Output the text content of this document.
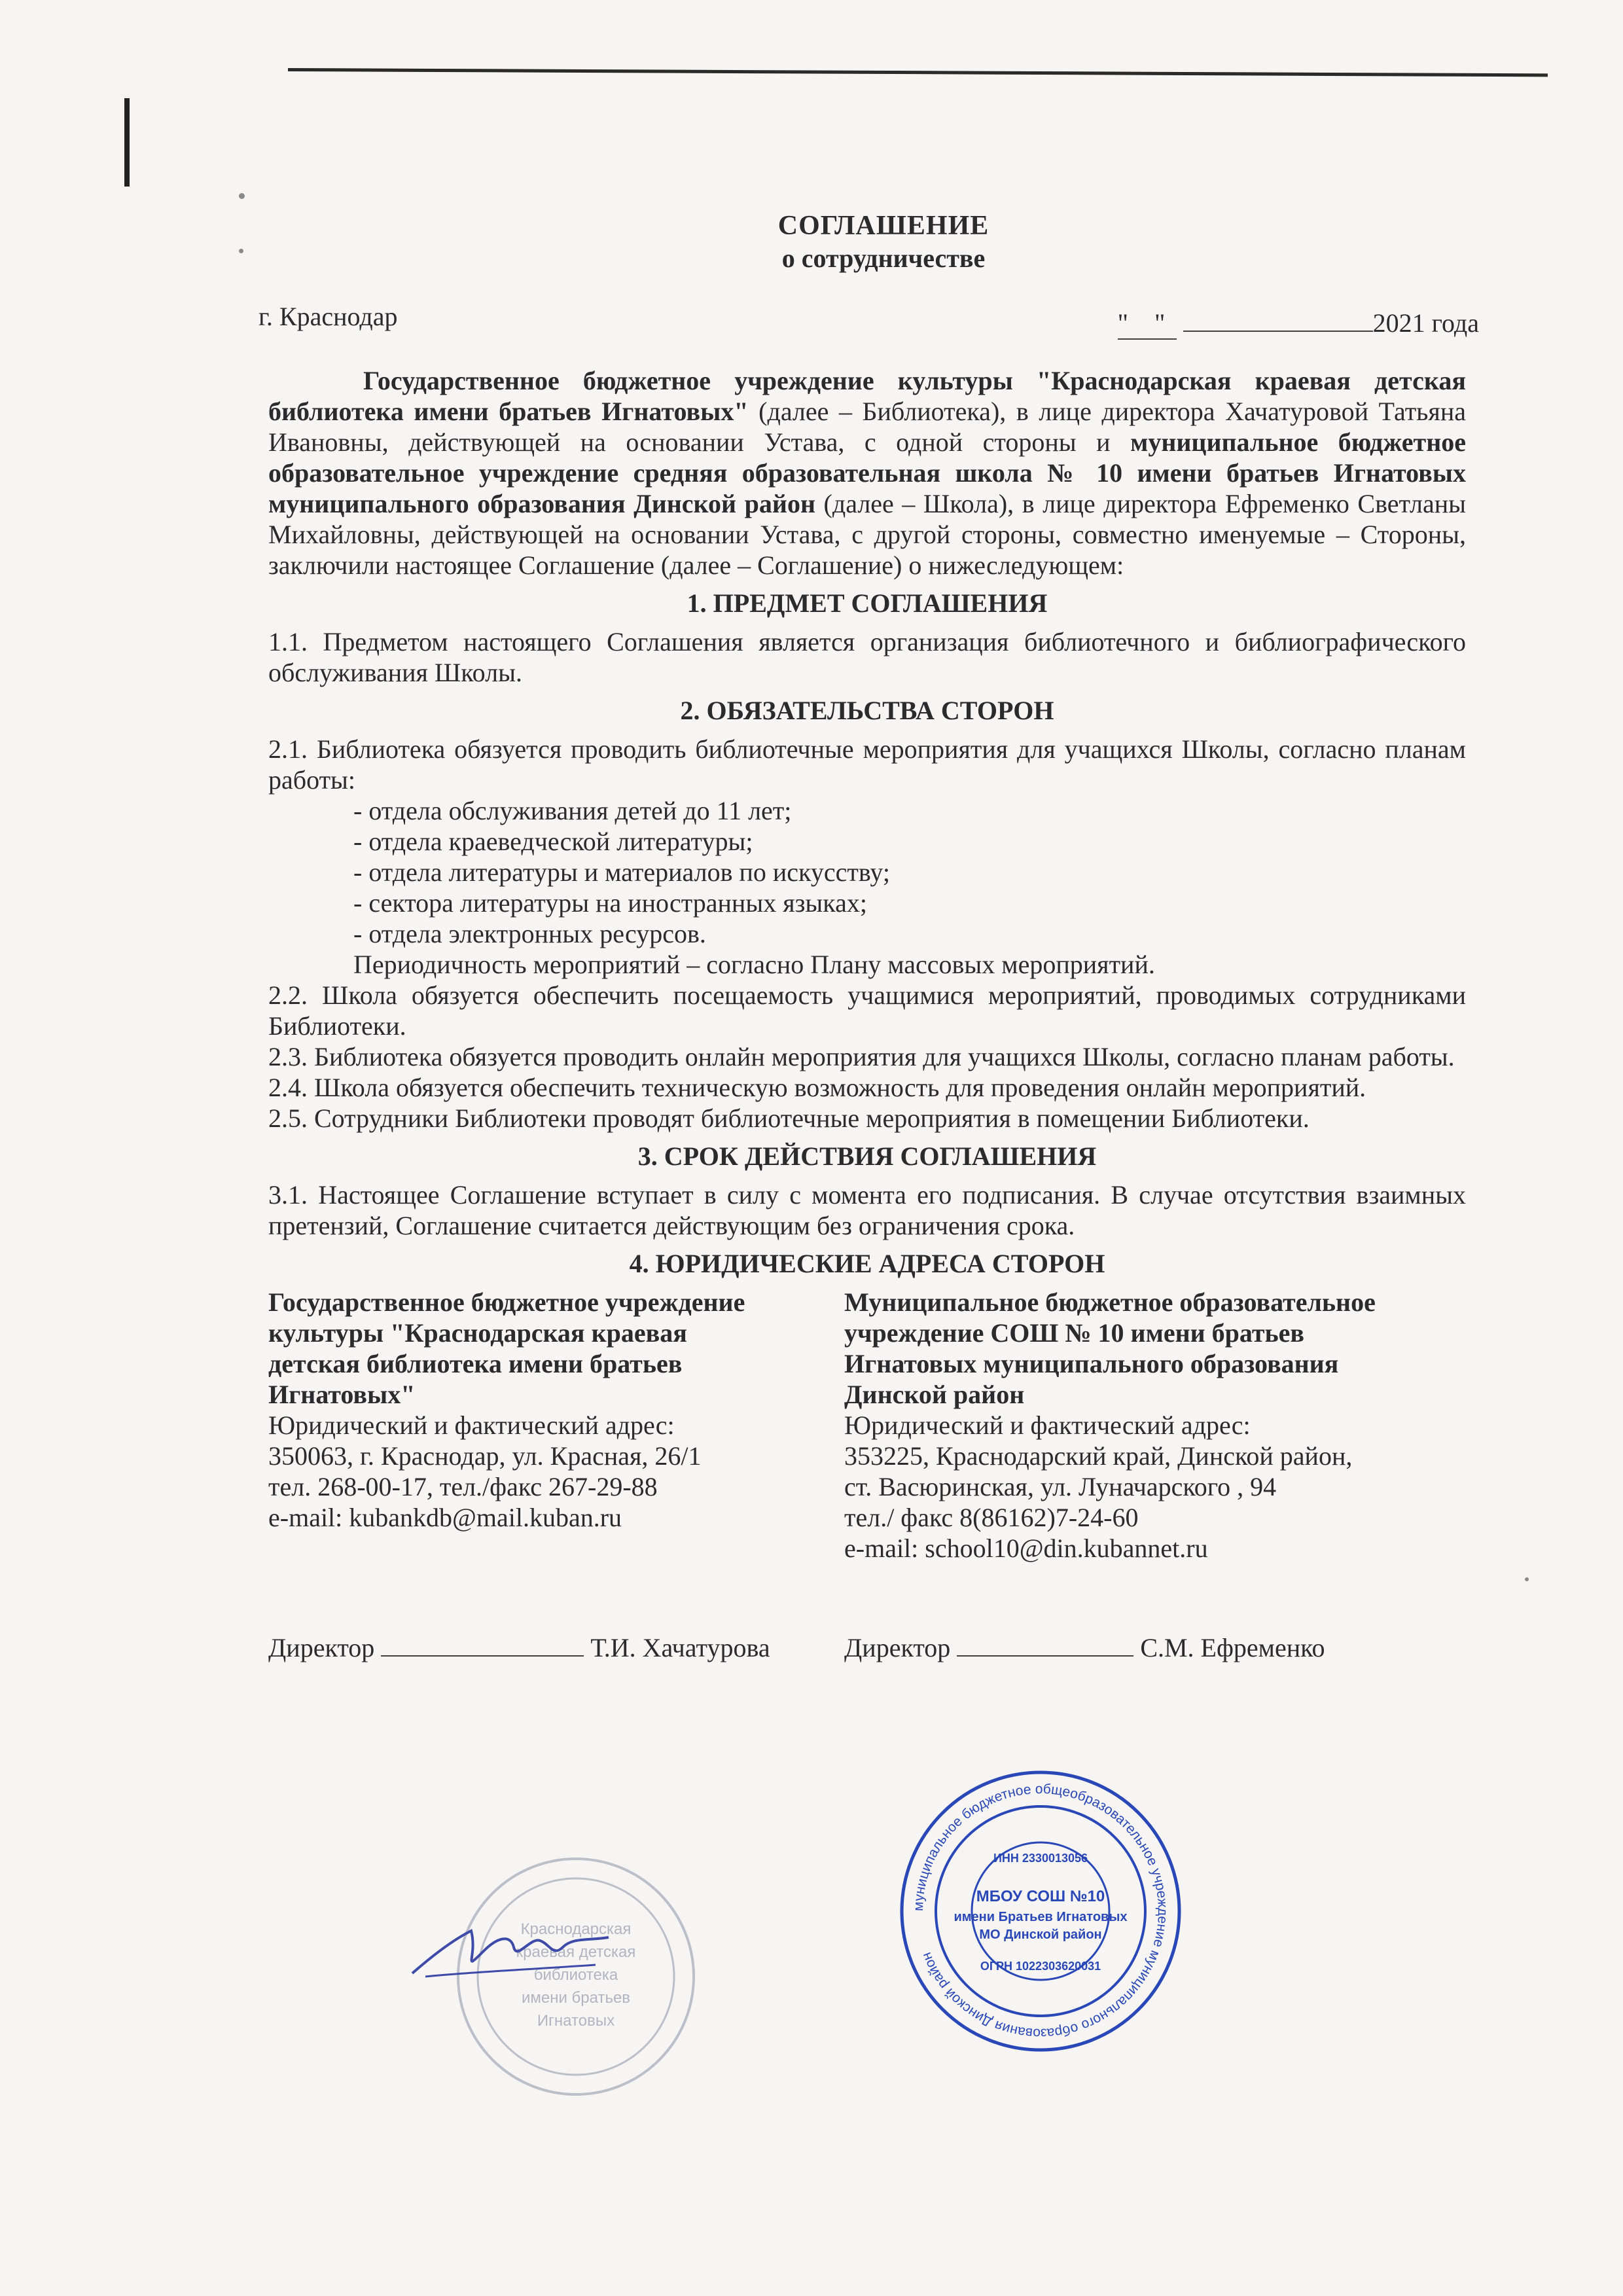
СОГЛАШЕНИЕ
о сотрудничестве
г. Краснодар	" "	2021 года

Государственное бюджетное учреждение культуры "Краснодарская краевая детская библиотека имени братьев Игнатовых" (далее – Библиотека), в лице директора Хачатуровой Татьяна Ивановны, действующей на основании Устава, с одной стороны и муниципальное бюджетное образовательное учреждение средняя образовательная школа № 10 имени братьев Игнатовых муниципального образования Динской район (далее – Школа), в лице директора Ефременко Светланы Михайловны, действующей на основании Устава, с другой стороны, совместно именуемые – Стороны, заключили настоящее Соглашение (далее – Соглашение) о нижеследующем:

1. ПРЕДМЕТ СОГЛАШЕНИЯ

1.1. Предметом настоящего Соглашения является организация библиотечного и библиографического обслуживания Школы.

2. ОБЯЗАТЕЛЬСТВА СТОРОН

2.1. Библиотека обязуется проводить библиотечные мероприятия для учащихся Школы, согласно планам работы:

- отдела обслуживания детей до 11 лет;
- отдела краеведческой литературы;
- отдела литературы и материалов по искусству;
- сектора литературы на иностранных языках;
- отдела электронных ресурсов.

Периодичность мероприятий – согласно Плану массовых мероприятий.

2.2. Школа обязуется обеспечить посещаемость учащимися мероприятий, проводимых сотрудниками Библиотеки.

2.3. Библиотека обязуется проводить онлайн мероприятия для учащихся Школы, согласно планам работы.

2.4. Школа обязуется обеспечить техническую возможность для проведения онлайн мероприятий.

2.5. Сотрудники Библиотеки проводят библиотечные мероприятия в помещении Библиотеки.

3. СРОК ДЕЙСТВИЯ СОГЛАШЕНИЯ

3.1. Настоящее Соглашение вступает в силу с момента его подписания. В случае отсутствия взаимных претензий, Соглашение считается действующим без ограничения срока.

4. ЮРИДИЧЕСКИЕ АДРЕСА СТОРОН
Государственное бюджетное учреждение
культуры "Краснодарская краевая
детская библиотека имени братьев
Игнатовых"
Юридический и фактический адрес:
350063, г. Краснодар, ул. Красная, 26/1
тел. 268-00-17, тел./факс 267-29-88
e-mail: kubankdb@mail.kuban.ru
Муниципальное бюджетное образовательное
учреждение СОШ № 10 имени братьев
Игнатовых муниципального образования
Динской район
Юридический и фактический адрес:
353225, Краснодарский край, Динской район,
ст. Васюринская, ул. Луначарского , 94
тел./ факс 8(86162)7-24-60
e-mail: school10@din.kubannet.ru
Директор	Т.И. Хачатурова	Директор	С.М. Ефременко
Краснодарская
краевая детская
библиотека
имени братьев
Игнатовых
муниципальное бюджетное общеобразовательное учреждение муниципального образования Динской район
ИНН 2330013056
МБОУ СОШ №10
имени Братьев Игнатовых
МО Динской район
ОГРН 1022303620031
